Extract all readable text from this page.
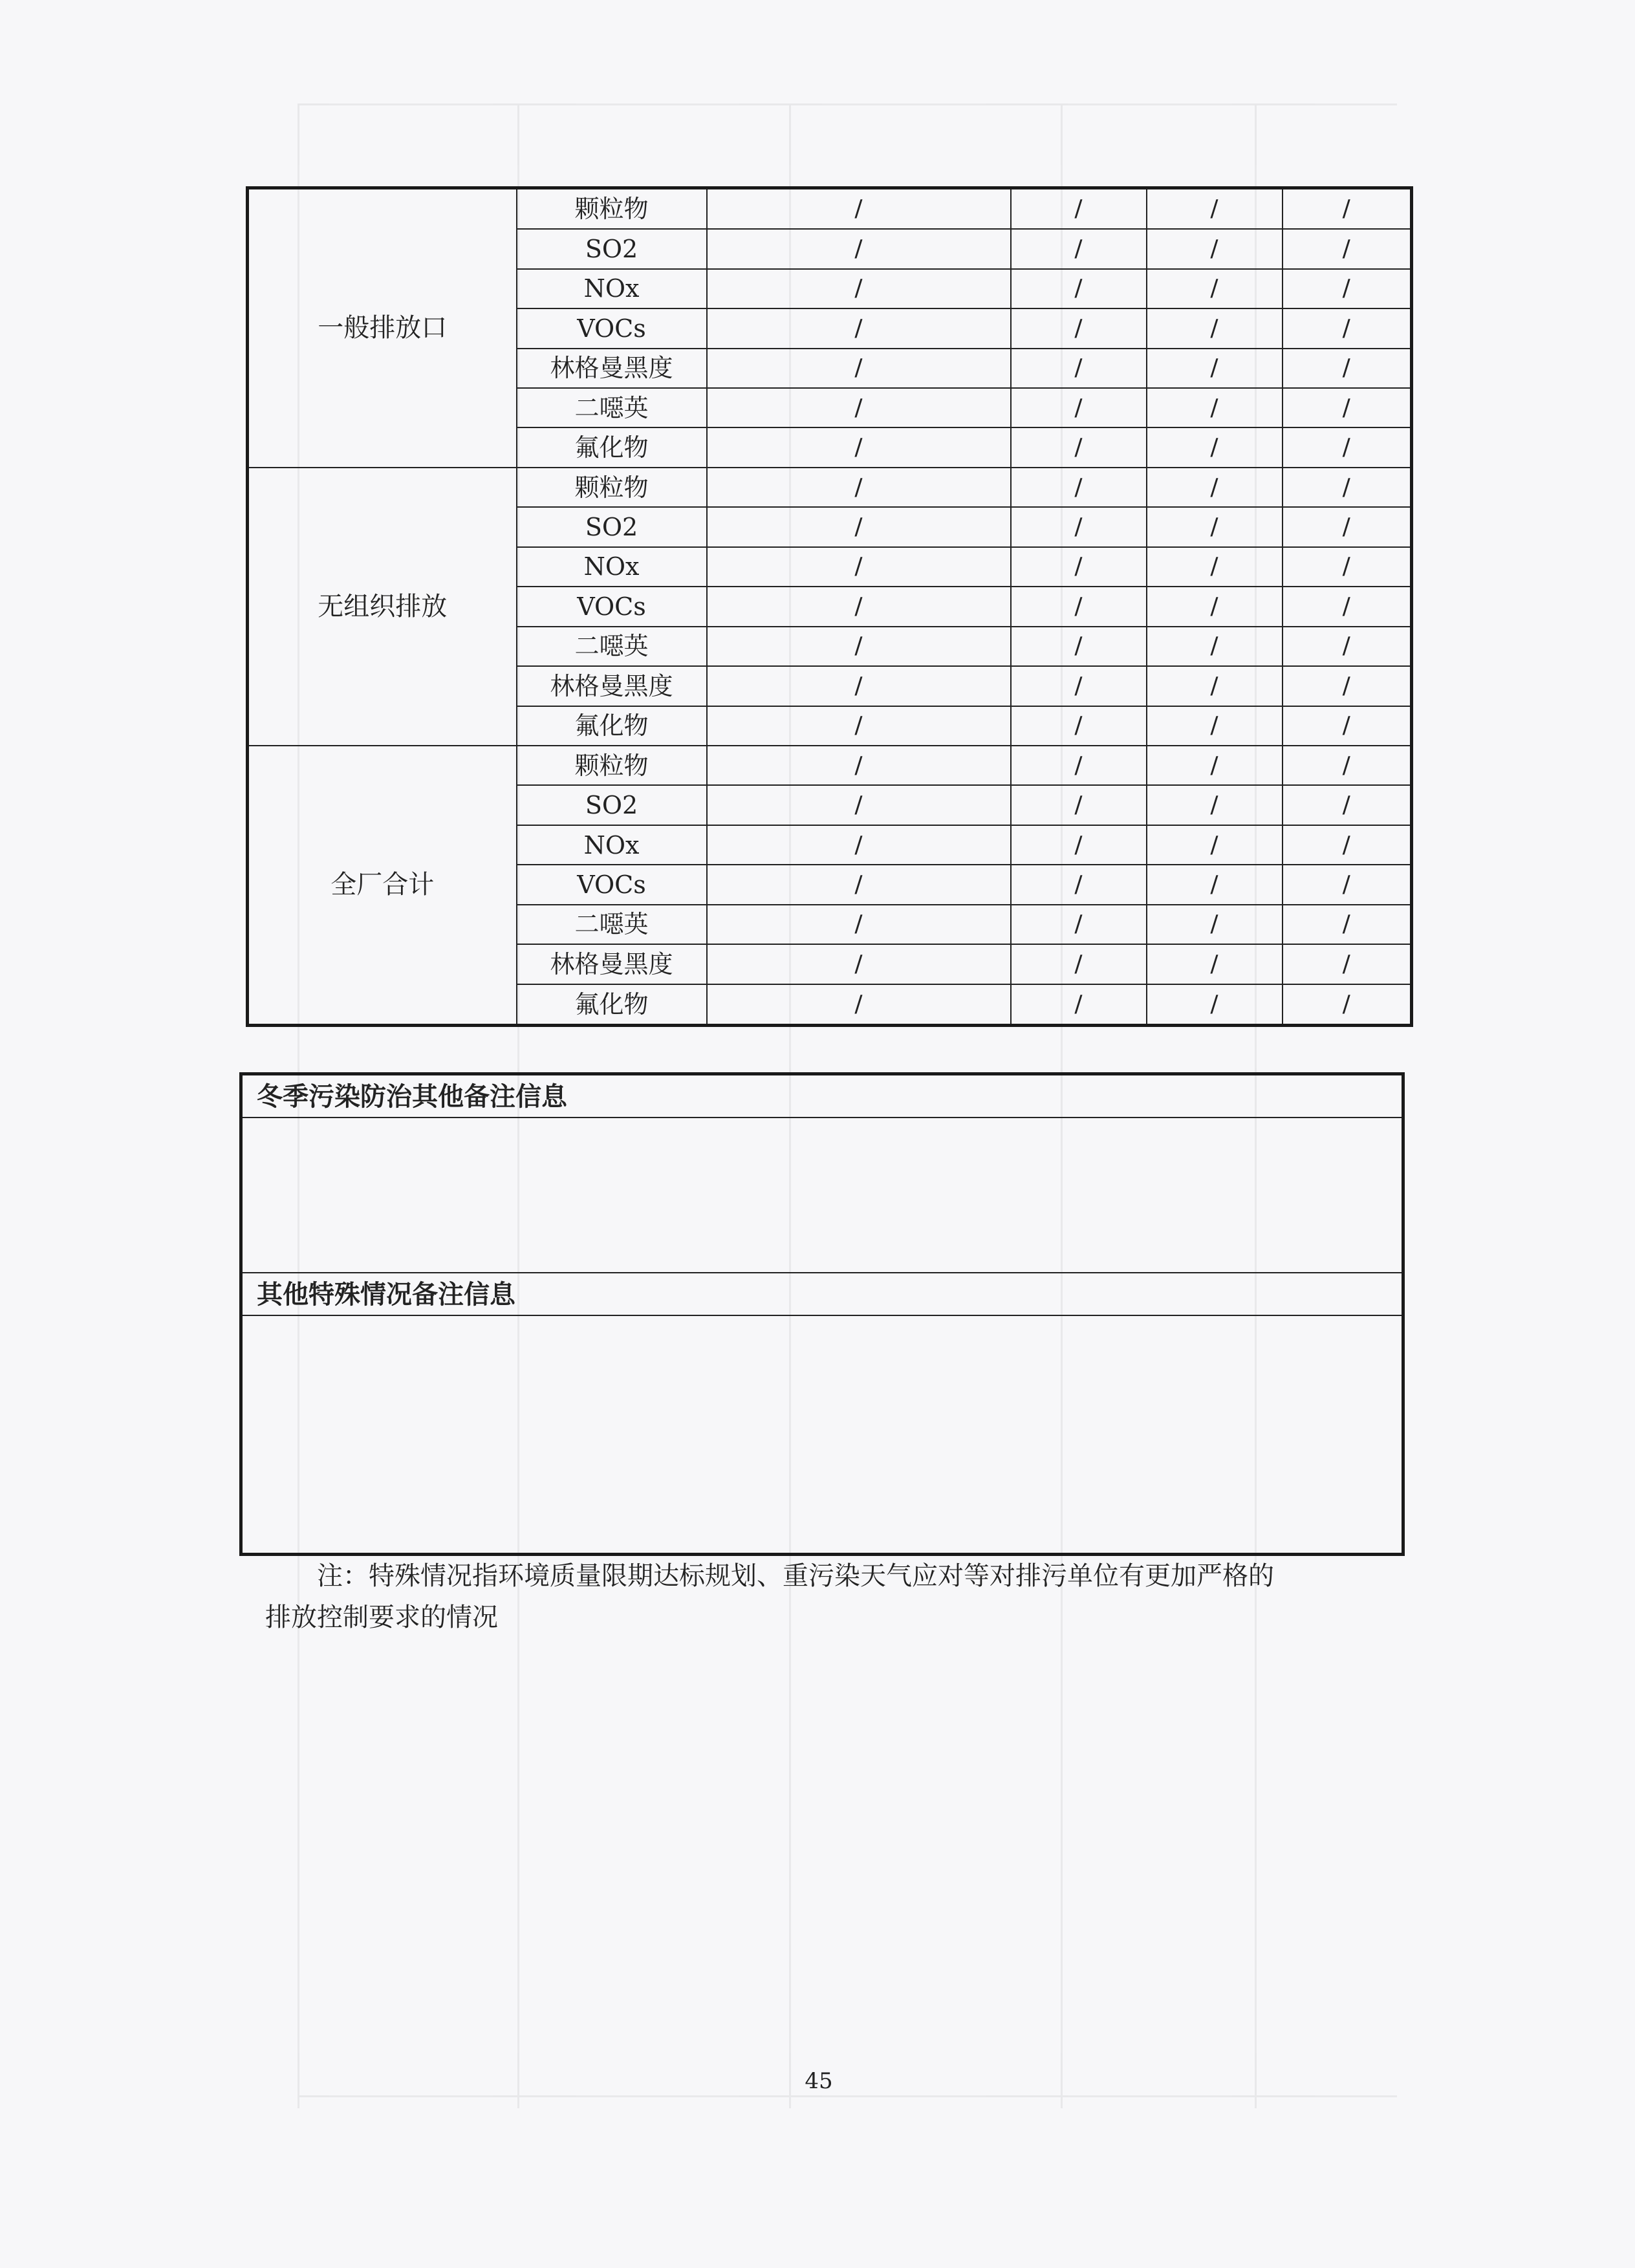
一般排放口	颗粒物	/	/	/	/
	SO2	/	/	/	/
	NOx	/	/	/	/
	VOCs	/	/	/	/
	林格曼黑度	/	/	/	/
	二噁英	/	/	/	/
	氟化物	/	/	/	/
无组织排放	颗粒物	/	/	/	/
	SO2	/	/	/	/
	NOx	/	/	/	/
	VOCs	/	/	/	/
	二噁英	/	/	/	/
	林格曼黑度	/	/	/	/
	氟化物	/	/	/	/
全厂合计	颗粒物	/	/	/	/
	SO2	/	/	/	/
	NOx	/	/	/	/
	VOCs	/	/	/	/
	二噁英	/	/	/	/
	林格曼黑度	/	/	/	/
	氟化物	/	/	/	/
冬季污染防治其他备注信息
其他特殊情况备注信息
注：特殊情况指环境质量限期达标规划、重污染天气应对等对排污单位有更加严格的
排放控制要求的情况
45
